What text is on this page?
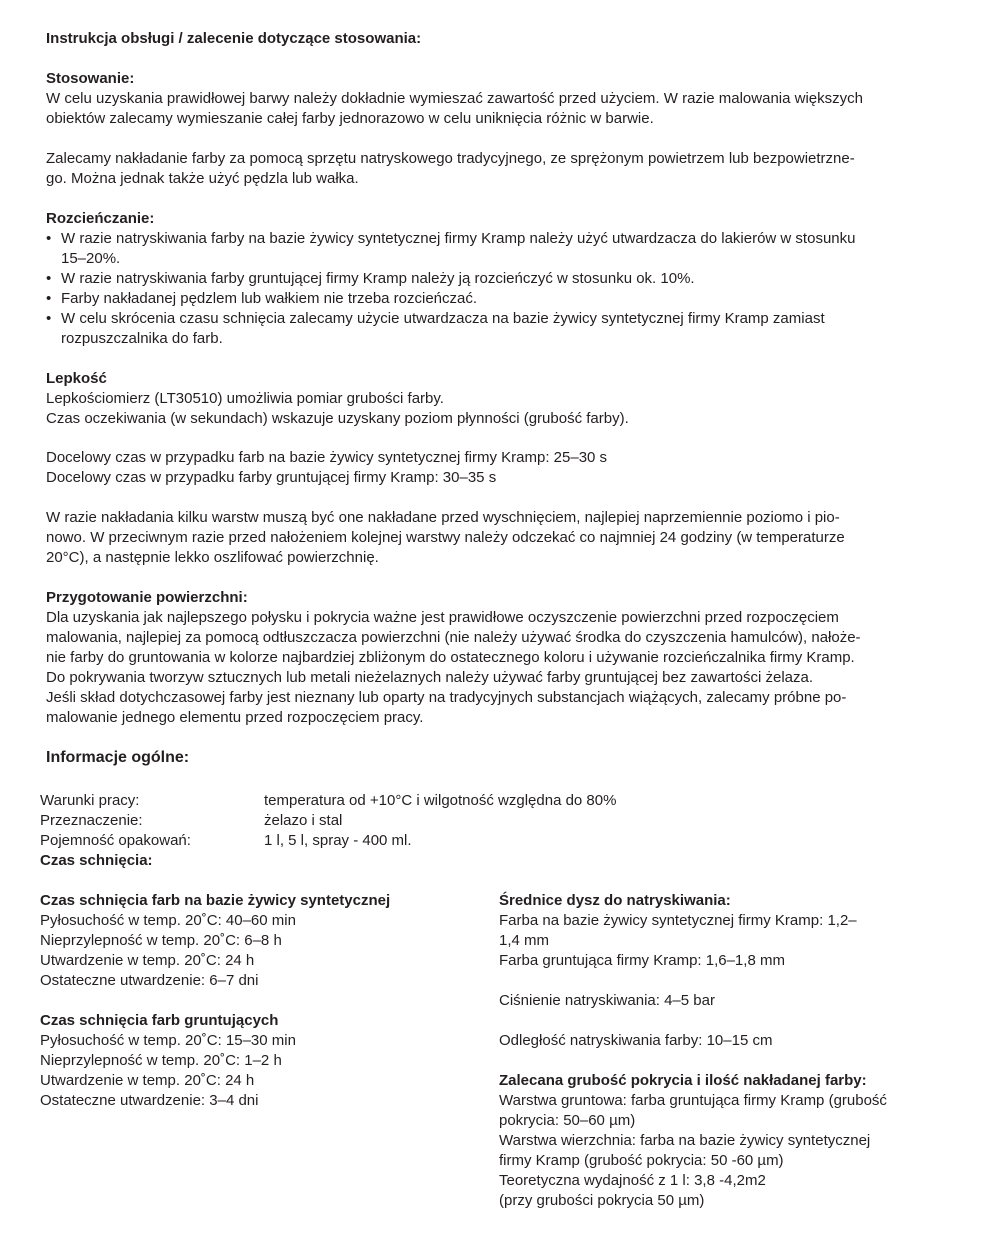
Instrukcja obsługi / zalecenie dotyczące stosowania:
Stosowanie:
W celu uzyskania prawidłowej barwy należy dokładnie wymieszać zawartość przed użyciem. W razie malowania większych
obiektów zalecamy wymieszanie całej farby jednorazowo w celu uniknięcia różnic w barwie.
Zalecamy nakładanie farby za pomocą sprzętu natryskowego tradycyjnego, ze sprężonym powietrzem lub bezpowietrzne-
go. Można jednak także użyć pędzla lub wałka.
Rozcieńczanie:
• W razie natryskiwania farby na bazie żywicy syntetycznej firmy Kramp należy użyć utwardzacza do lakierów w stosunku
15–20%.
• W razie natryskiwania farby gruntującej firmy Kramp należy ją rozcieńczyć w stosunku ok. 10%.
• Farby nakładanej pędzlem lub wałkiem nie trzeba rozcieńczać.
• W celu skrócenia czasu schnięcia zalecamy użycie utwardzacza na bazie żywicy syntetycznej firmy Kramp zamiast
rozpuszczalnika do farb.
Lepkość
Lepkościomierz (LT30510) umożliwia pomiar grubości farby.
Czas oczekiwania (w sekundach) wskazuje uzyskany poziom płynności (grubość farby).
Docelowy czas w przypadku farb na bazie żywicy syntetycznej firmy Kramp: 25–30 s
Docelowy czas w przypadku farby gruntującej firmy Kramp: 30–35 s
W razie nakładania kilku warstw muszą być one nakładane przed wyschnięciem, najlepiej naprzemiennie poziomo i pio-
nowo. W przeciwnym razie przed nałożeniem kolejnej warstwy należy odczekać co najmniej 24 godziny (w temperaturze
20°C), a następnie lekko oszlifować powierzchnię.
Przygotowanie powierzchni:
Dla uzyskania jak najlepszego połysku i pokrycia ważne jest prawidłowe oczyszczenie powierzchni przed rozpoczęciem
malowania, najlepiej za pomocą odtłuszczacza powierzchni (nie należy używać środka do czyszczenia hamulców), nałoże-
nie farby do gruntowania w kolorze najbardziej zbliżonym do ostatecznego koloru i używanie rozcieńczalnika firmy Kramp.
Do pokrywania tworzyw sztucznych lub metali nieżelaznych należy używać farby gruntującej bez zawartości żelaza.
Jeśli skład dotychczasowej farby jest nieznany lub oparty na tradycyjnych substancjach wiążących, zalecamy próbne po-
malowanie jednego elementu przed rozpoczęciem pracy.
Informacje ogólne:
Warunki pracy:	temperatura od +10°C i wilgotność względna do 80%
Przeznaczenie:	żelazo i stal
Pojemność opakowań:	1 l, 5 l, spray - 400 ml.
Czas schnięcia:
Czas schnięcia farb na bazie żywicy syntetycznej
Pyłosuchość w temp. 20˚C: 40–60 min
Nieprzylepność w temp. 20˚C: 6–8 h
Utwardzenie w temp. 20˚C: 24 h
Ostateczne utwardzenie: 6–7 dni
Czas schnięcia farb gruntujących
Pyłosuchość w temp. 20˚C: 15–30 min
Nieprzylepność w temp. 20˚C: 1–2 h
Utwardzenie w temp. 20˚C: 24 h
Ostateczne utwardzenie: 3–4 dni
Średnice dysz do natryskiwania:
Farba na bazie żywicy syntetycznej firmy Kramp: 1,2–
1,4 mm
Farba gruntująca firmy Kramp: 1,6–1,8 mm
Ciśnienie natryskiwania: 4–5 bar
Odległość natryskiwania farby: 10–15 cm
Zalecana grubość pokrycia i ilość nakładanej farby:
Warstwa gruntowa: farba gruntująca firmy Kramp (grubość
pokrycia: 50–60 µm)
Warstwa wierzchnia: farba na bazie żywicy syntetycznej
firmy Kramp (grubość pokrycia: 50 -60 µm)
Teoretyczna wydajność z 1 l: 3,8 -4,2m2
(przy grubości pokrycia 50 µm)
